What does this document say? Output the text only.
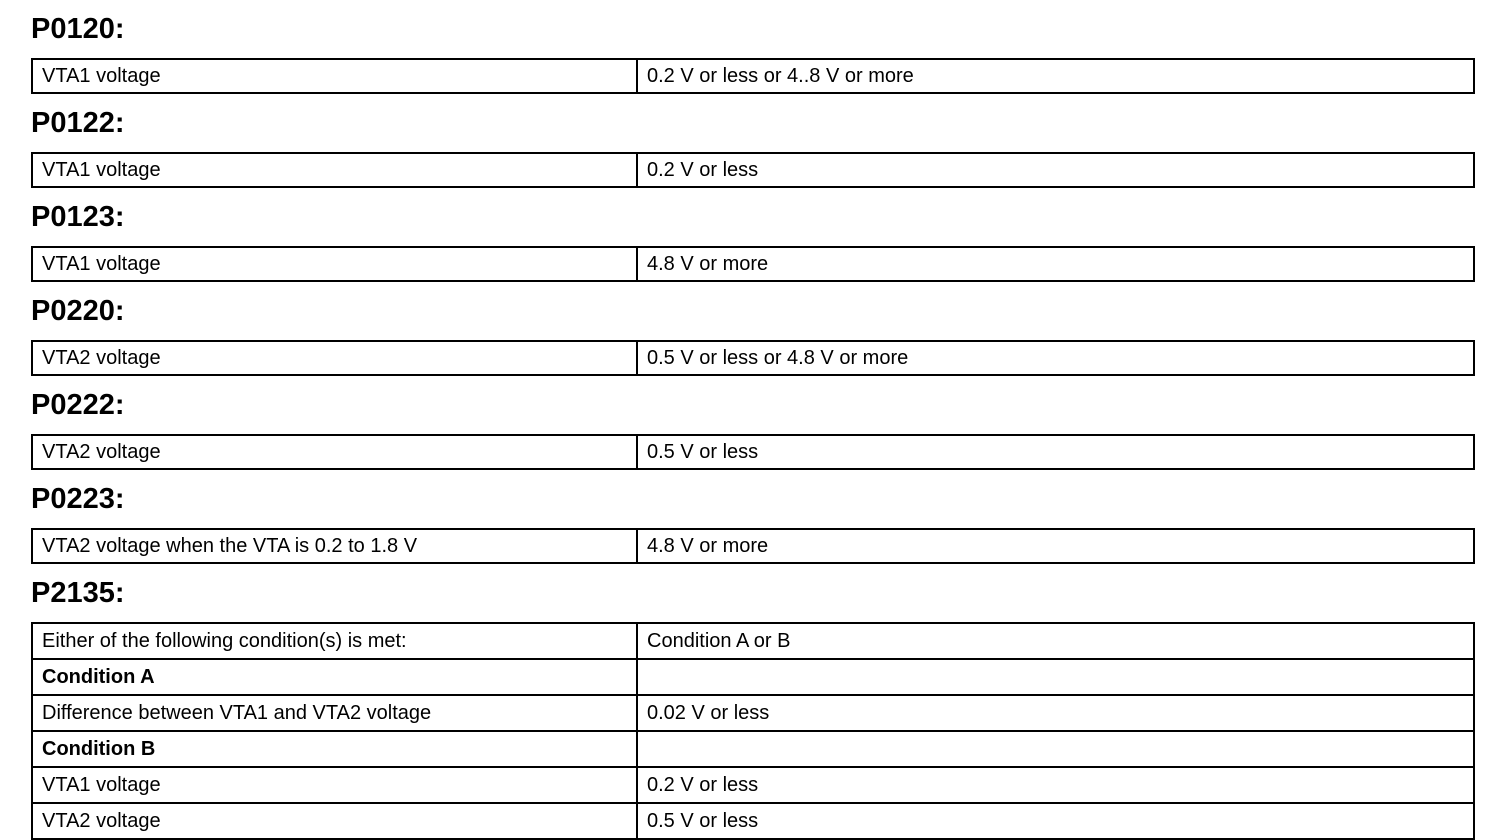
P0120:
VTA1 voltage	0.2 V or less or 4..8 V or more
P0122:
VTA1 voltage	0.2 V or less
P0123:
VTA1 voltage	4.8 V or more
P0220:
VTA2 voltage	0.5 V or less or 4.8 V or more
P0222:
VTA2 voltage	0.5 V or less
P0223:
VTA2 voltage when the VTA is 0.2 to 1.8 V	4.8 V or more
P2135:
Either of the following condition(s) is met:	Condition A or B
Condition A	
Difference between VTA1 and VTA2 voltage	0.02 V or less
Condition B	
VTA1 voltage	0.2 V or less
VTA2 voltage	0.5 V or less
